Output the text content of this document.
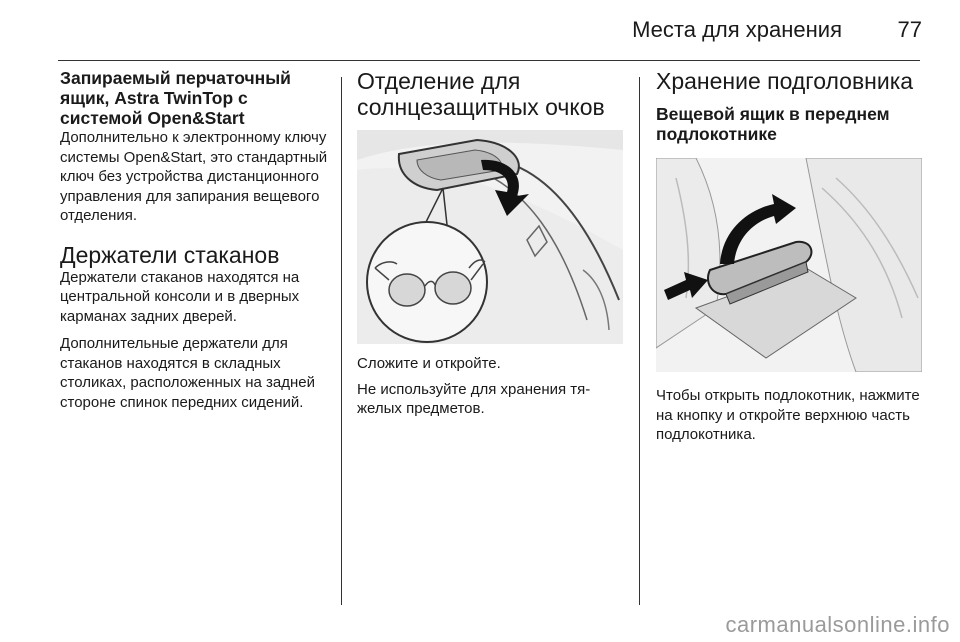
Места для хранения	77
Запираемый перчаточный ящик, Astra TwinTop с системой Open&Start

Дополнительно к электронному ключу системы Open&Start, это стандартный ключ без устройства дистанционного управления для запирания вещевого отделения.

Держатели стаканов

Держатели стаканов находятся на центральной консоли и в дверных карманах задних дверей.

Дополнительные держатели для стаканов находятся в складных столиках, расположенных на задней стороне спинок передних сидений.

Отделение для солнцезащитных очков

Сложите и откройте.

Не используйте для хранения тяжелых предметов.

Хранение подголовника
Вещевой ящик в переднем подлокотнике

Чтобы открыть подлокотник, нажмите на кнопку и откройте верхнюю часть подлокотника.

carmanualsonline.info
